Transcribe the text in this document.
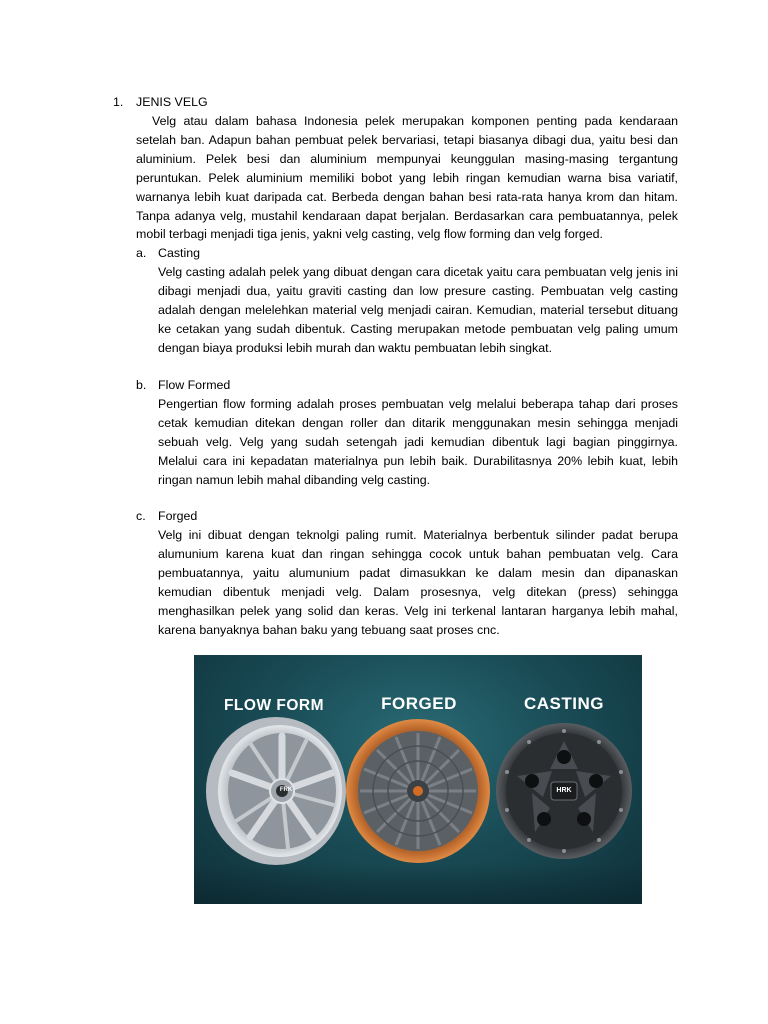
1. JENIS VELG

Velg atau dalam bahasa Indonesia pelek merupakan komponen penting pada kendaraan setelah ban. Adapun bahan pembuat pelek bervariasi, tetapi biasanya dibagi dua, yaitu besi dan aluminium. Pelek besi dan aluminium mempunyai keunggulan masing-masing tergantung peruntukan. Pelek aluminium memiliki bobot yang lebih ringan kemudian warna bisa variatif, warnanya lebih kuat daripada cat. Berbeda dengan bahan besi rata-rata hanya krom dan hitam. Tanpa adanya velg, mustahil kendaraan dapat berjalan. Berdasarkan cara pembuatannya, pelek mobil terbagi menjadi tiga jenis, yakni velg casting, velg flow forming dan velg forged.

a. Casting

Velg casting adalah pelek yang dibuat dengan cara dicetak yaitu cara pembuatan velg jenis ini dibagi menjadi dua, yaitu graviti casting dan low presure casting. Pembuatan velg casting adalah dengan melelehkan material velg menjadi cairan. Kemudian, material tersebut dituang ke cetakan yang sudah dibentuk. Casting merupakan metode pembuatan velg paling umum dengan biaya produksi lebih murah dan waktu pembuatan lebih singkat.

b. Flow Formed

Pengertian flow forming adalah proses pembuatan velg melalui beberapa tahap dari proses cetak kemudian ditekan dengan roller dan ditarik menggunakan mesin sehingga menjadi sebuah velg. Velg yang sudah setengah jadi kemudian dibentuk lagi bagian pinggirnya. Melalui cara ini kepadatan materialnya pun lebih baik. Durabilitasnya 20% lebih kuat, lebih ringan namun lebih mahal dibanding velg casting.

c. Forged

Velg ini dibuat dengan teknolgi paling rumit. Materialnya berbentuk silinder padat berupa alumunium karena kuat dan ringan sehingga cocok untuk bahan pembuatan velg. Cara pembuatannya, yaitu alumunium padat dimasukkan ke dalam mesin dan dipanaskan kemudian dibentuk menjadi velg. Dalam prosesnya, velg ditekan (press) sehingga menghasilkan pelek yang solid dan keras. Velg ini terkenal lantaran harganya lebih mahal, karena banyaknya bahan baku yang tebuang saat proses cnc.

FLOW FORM	FORGED	CASTING
FRK	HRK
